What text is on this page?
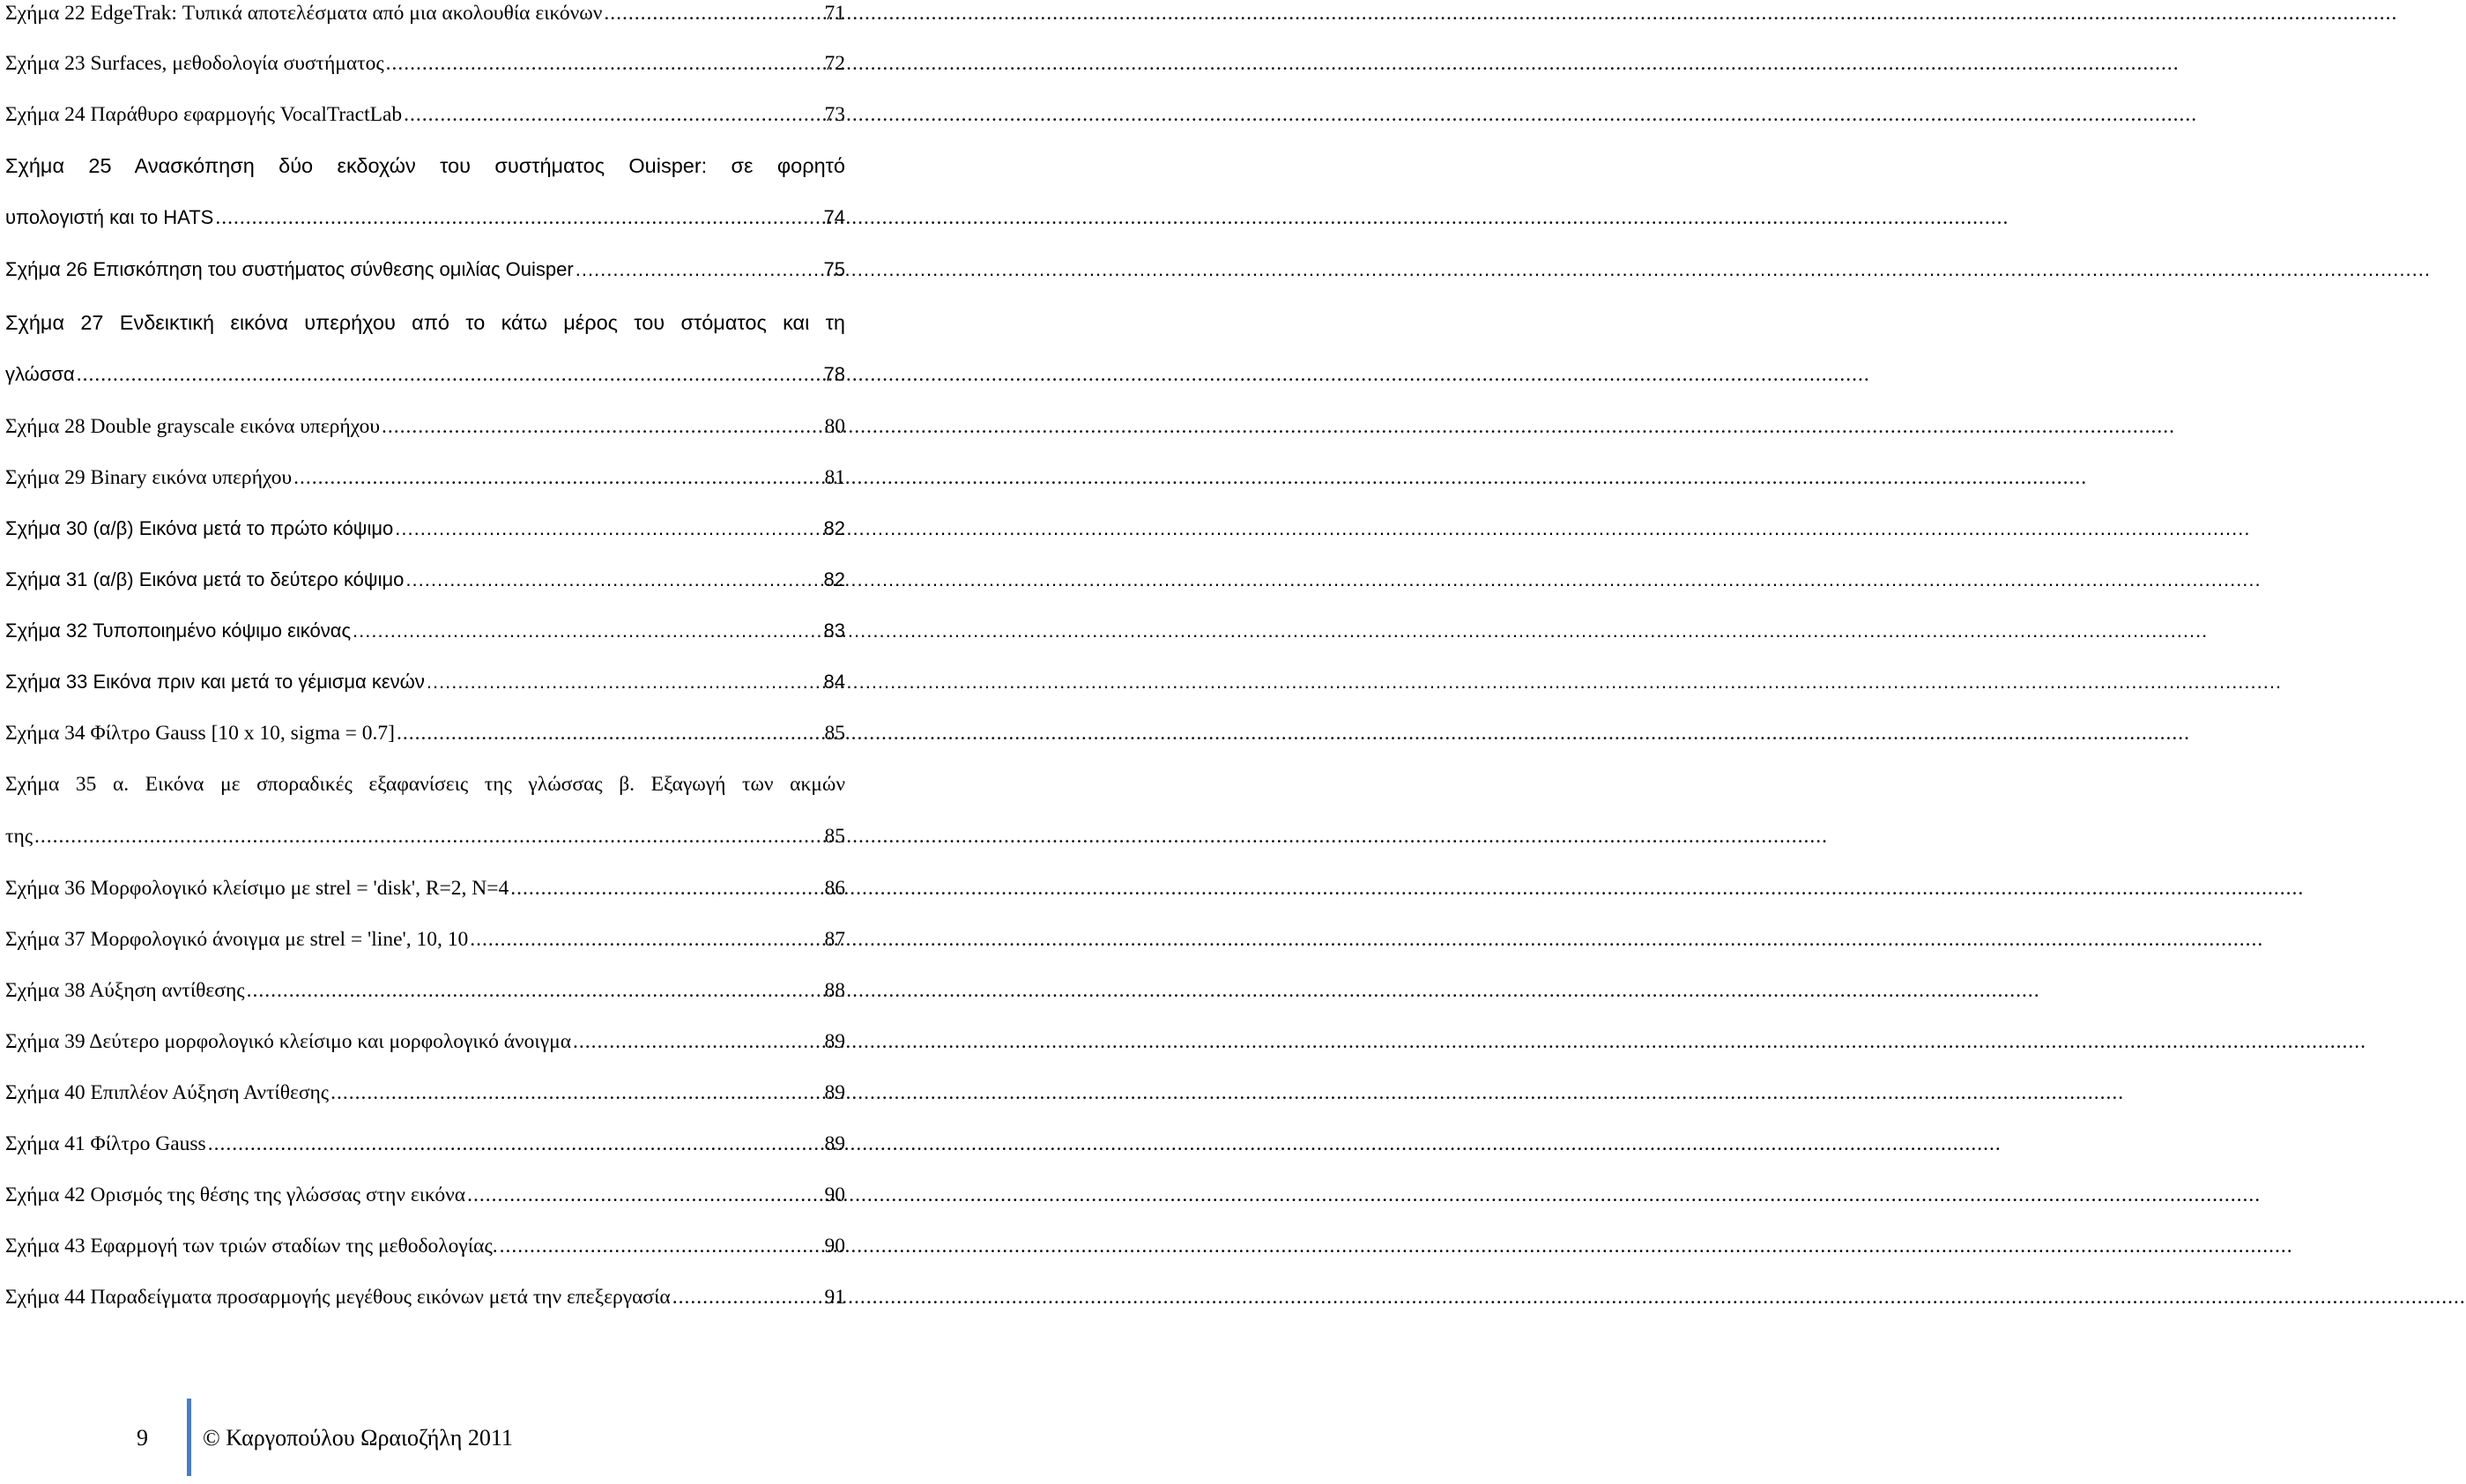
Σχήμα 22 EdgeTrak: Τυπικά αποτελέσματα από μια ακολουθία εικόνων .....	71
Σχήμα 23 Surfaces, μεθοδολογία συστήματος .....	72
Σχήμα 24 Παράθυρο εφαρμογής VocalTractLab .....	73
Σχήμα 25 Ανασκόπηση δύο εκδοχών του συστήματος Ouisper: σε φορητό
υπολογιστή και το HATS .....	74
Σχήμα 26 Επισκόπηση του συστήματος σύνθεσης ομιλίας Ouisper .....	75
Σχήμα 27 Ενδεικτική εικόνα υπερήχου από το κάτω μέρος του στόματος και τη
γλώσσα .....	78
Σχήμα 28 Double grayscale εικόνα υπερήχου .....	80
Σχήμα 29 Binary εικόνα υπερήχου .....	81
Σχήμα 30 (α/β) Εικόνα μετά το πρώτο κόψιμο .....	82
Σχήμα 31 (α/β) Εικόνα μετά το δεύτερο κόψιμο .....	82
Σχήμα 32 Τυποποιημένο κόψιμο εικόνας .....	83
Σχήμα 33 Εικόνα πριν και μετά το γέμισμα κενών .....	84
Σχήμα 34 Φίλτρο Gauss [10 x 10, sigma = 0.7] .....	85
Σχήμα 35 α. Εικόνα με σποραδικές εξαφανίσεις της γλώσσας β. Εξαγωγή των ακμών
της .....	85
Σχήμα 36 Μορφολογικό κλείσιμο με strel = 'disk', R=2, N=4 .....	86
Σχήμα 37 Μορφολογικό άνοιγμα με strel = 'line', 10, 10 .....	87
Σχήμα 38 Αύξηση αντίθεσης .....	88
Σχήμα 39 Δεύτερο μορφολογικό κλείσιμο και μορφολογικό άνοιγμα .....	89
Σχήμα 40 Επιπλέον Αύξηση Αντίθεσης .....	89
Σχήμα 41 Φίλτρο Gauss .....	89
Σχήμα 42 Ορισμός της θέσης της γλώσσας στην εικόνα .....	90
Σχήμα 43 Εφαρμογή των τριών σταδίων της μεθοδολογίας. .....	90
Σχήμα 44 Παραδείγματα προσαρμογής μεγέθους εικόνων μετά την επεξεργασία .....	91
9 © Καργοπούλου Ωραιοζήλη 2011
